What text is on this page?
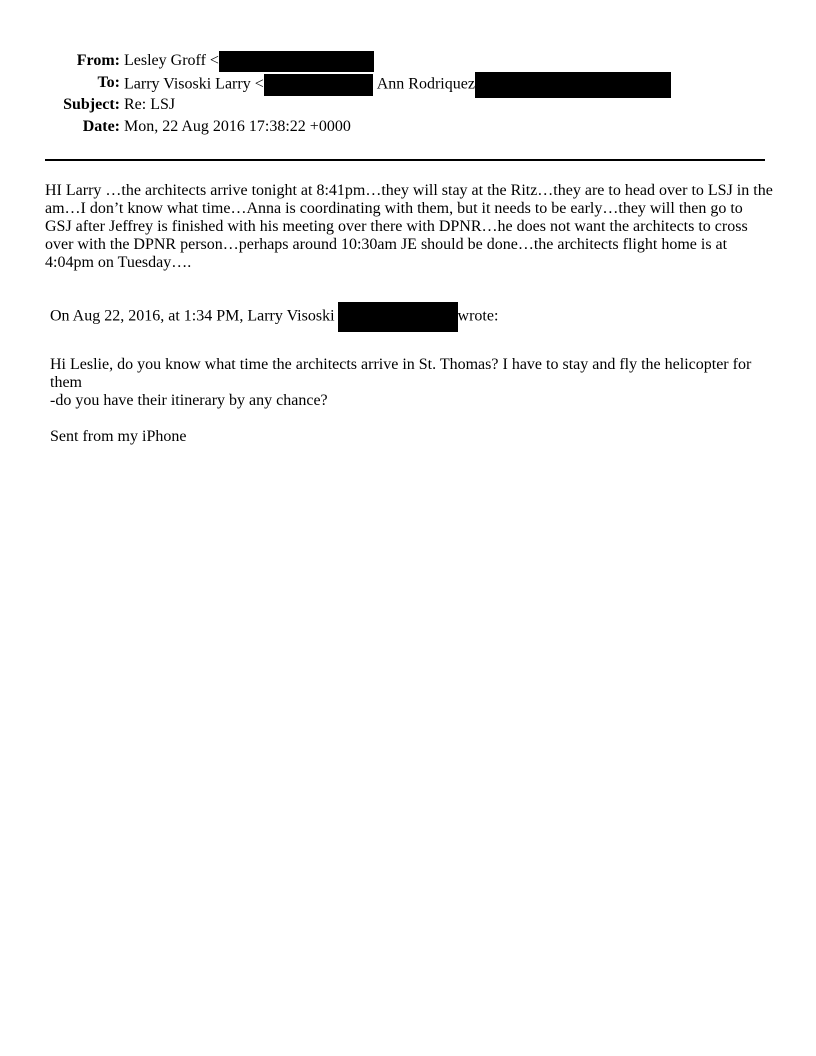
From: Lesley Groff <
To: Larry Visoski Larry <	Ann Rodriquez
Subject: Re: LSJ
Date: Mon, 22 Aug 2016 17:38:22 +0000
HI Larry …the architects arrive tonight at 8:41pm…they will stay at the Ritz…they are to head over to LSJ in the am…I don’t know what time…Anna is coordinating with them, but it needs to be early…they will then go to GSJ after Jeffrey is finished with his meeting over there with DPNR…he does not want the architects to cross over with the DPNR person…perhaps around 10:30am JE should be done…the architects flight home is at 4:04pm on Tuesday….
On Aug 22, 2016, at 1:34 PM, Larry Visoski	wrote:
Hi Leslie, do you know what time the architects arrive in St. Thomas? I have to stay and fly the helicopter for them
-do you have their itinerary by any chance?
Sent from my iPhone
